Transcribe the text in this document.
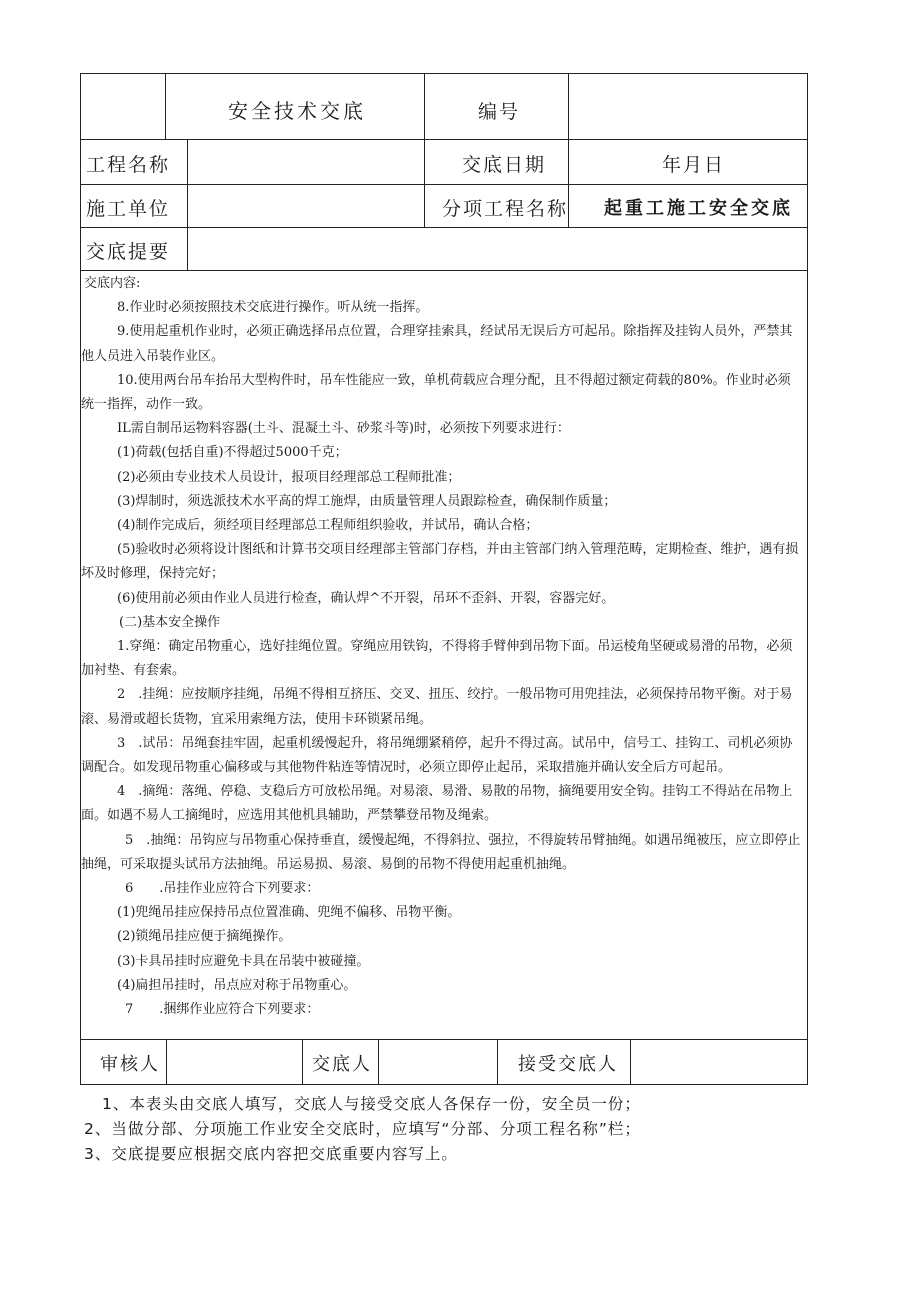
安全技术交底	编号
工程名称	交底日期	年月日
施工单位	分项工程名称 起重工施工安全交底
交底提要

交底内容:

8.作业时必须按照技术交底进行操作。听从统一指挥。

9.使用起重机作业时，必须正确选择吊点位置，合理穿挂索具，经试吊无误后方可起吊。除指挥及挂钩人员外，严禁其他人员进入吊装作业区。

10.使用两台吊车抬吊大型构件时，吊车性能应一致，单机荷载应合理分配，且不得超过额定荷载的80%。作业时必须统一指挥，动作一致。

IL需自制吊运物料容器(土斗、混凝土斗、砂浆斗等)时，必须按下列要求进行：

(1)荷载(包括自重)不得超过5000千克；

(2)必须由专业技术人员设计，报项目经理部总工程师批准；

(3)焊制时，须选派技术水平高的焊工施焊，由质量管理人员跟踪检查，确保制作质量；

(4)制作完成后，须经项目经理部总工程师组织验收，并试吊，确认合格；

(5)验收时必须将设计图纸和计算书交项目经理部主管部门存档，并由主管部门纳入管理范畴，定期检查、维护，遇有损坏及时修理，保持完好；

(6)使用前必须由作业人员进行检查，确认焊^不开裂，吊环不歪斜、开裂，容器完好。

(二)基本安全操作

1.穿绳：确定吊物重心，选好挂绳位置。穿绳应用铁钩，不得将手臂伸到吊物下面。吊运棱角坚硬或易滑的吊物，必须加衬垫、有套索。

2　.挂绳：应按顺序挂绳，吊绳不得相互挤压、交叉、扭压、绞拧。一般吊物可用兜挂法，必须保持吊物平衡。对于易滚、易滑或超长货物，宜采用索绳方法，使用卡环锁紧吊绳。

3　.试吊：吊绳套挂牢固，起重机缓慢起升，将吊绳绷紧稍停，起升不得过高。试吊中，信号工、挂钩工、司机必须协调配合。如发现吊物重心偏移或与其他物件粘连等情况时，必须立即停止起吊，采取措施并确认安全后方可起吊。

4　.摘绳：落绳、停稳、支稳后方可放松吊绳。对易滚、易滑、易散的吊物，摘绳要用安全钩。挂钩工不得站在吊物上面。如遇不易人工摘绳时，应选用其他机具辅助，严禁攀登吊物及绳索。

5　.抽绳：吊钩应与吊物重心保持垂直，缓慢起绳，不得斜拉、强拉，不得旋转吊臂抽绳。如遇吊绳被压，应立即停止抽绳，可采取提头试吊方法抽绳。吊运易损、易滚、易倒的吊物不得使用起重机抽绳。

6　　.吊挂作业应符合下列要求：

(1)兜绳吊挂应保持吊点位置准确、兜绳不偏移、吊物平衡。

(2)锁绳吊挂应便于摘绳操作。

(3)卡具吊挂时应避免卡具在吊装中被碰撞。

(4)扁担吊挂时，吊点应对称于吊物重心。

7　　.捆绑作业应符合下列要求：

审核人	交底人	接受交底人
1、本表头由交底人填写，交底人与接受交底人各保存一份，安全员一份；
2、当做分部、分项施工作业安全交底时，应填写“分部、分项工程名称”栏；
3、交底提要应根据交底内容把交底重要内容写上。
